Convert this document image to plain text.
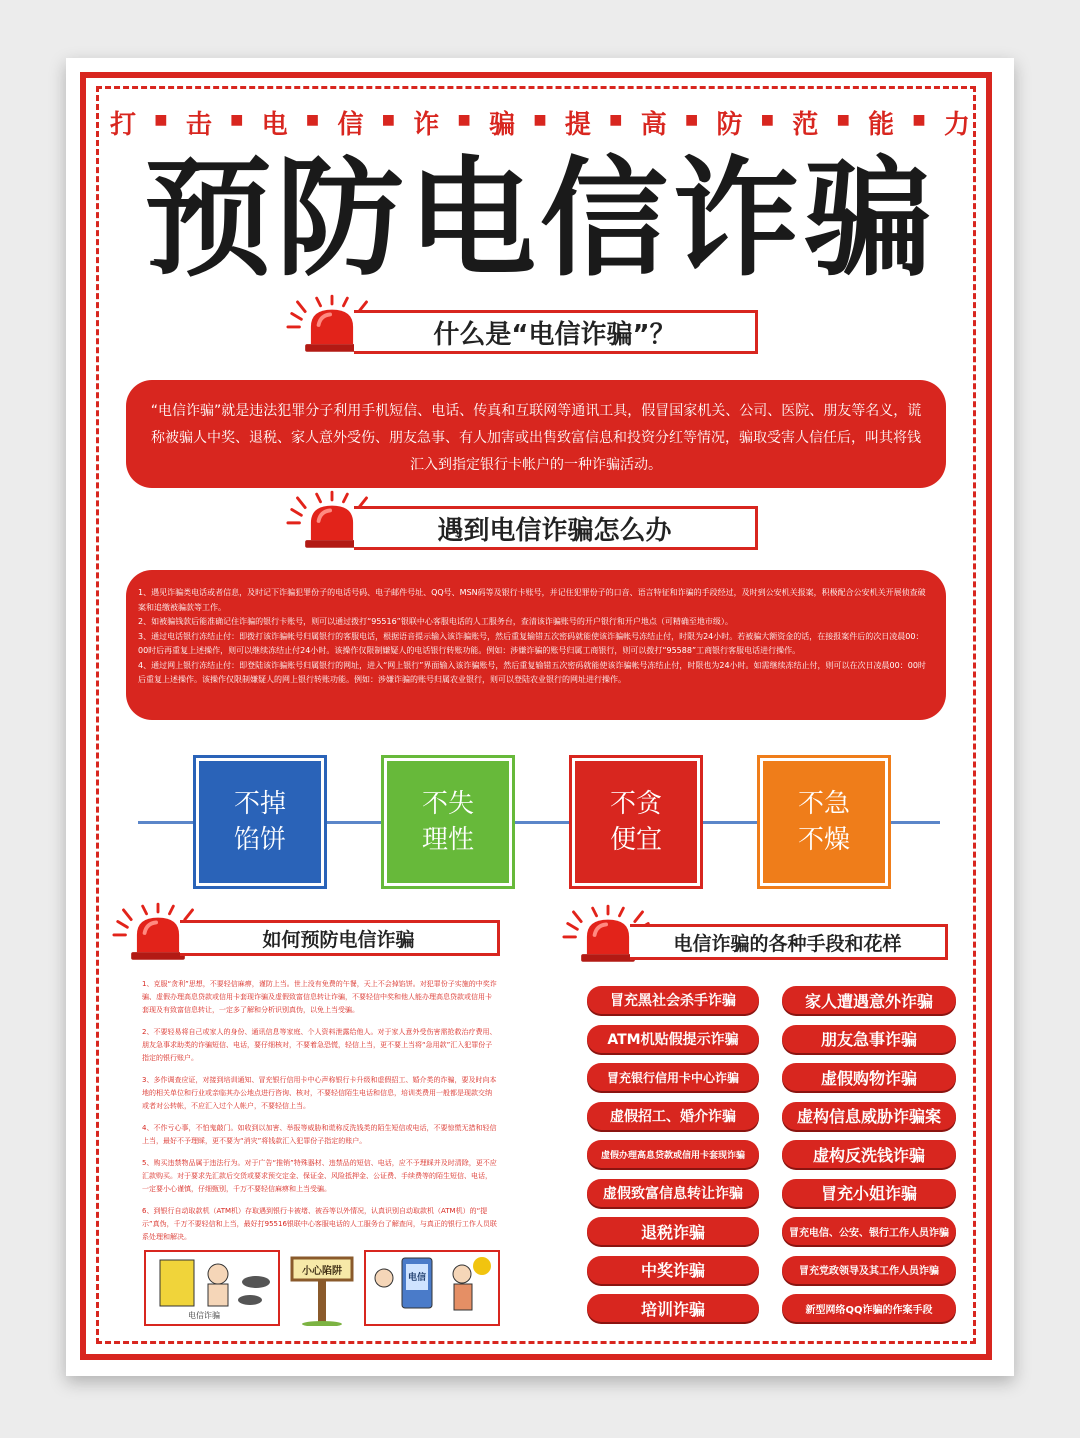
打 ■ 击 ■ 电 ■ 信 ■ 诈 ■ 骗 ■ 提 ■ 高 ■ 防 ■ 范 ■ 能 ■ 力
预防电信诈骗
什么是“电信诈骗”？
“电信诈骗”就是违法犯罪分子利用手机短信、电话、传真和互联网等通讯工具，假冒国家机关、公司、医院、朋友等名义，谎称被骗人中奖、退税、家人意外受伤、朋友急事、有人加害或出售致富信息和投资分红等情况，骗取受害人信任后，叫其将钱汇入到指定银行卡帐户的一种诈骗活动。
遇到电信诈骗怎么办
1、遇见诈骗类电话或者信息，及时记下诈骗犯罪份子的电话号码、电子邮件号址、QQ号、MSN码等及银行卡账号，并记住犯罪份子的口音、语言特征和诈骗的手段经过，及时到公安机关报案，积极配合公安机关开展侦查破案和追缴被骗款等工作。
2、如被骗钱款后能准确记住诈骗的银行卡账号，则可以通过拨打“95516”银联中心客服电话的人工服务台，查清该诈骗账号的开户银行和开户地点（可精确至地市级）。
3、通过电话银行冻结止付：即拨打该诈骗帐号归属银行的客服电话，根据语音提示输入该诈骗账号，然后重复输错五次密码就能使该诈骗帐号冻结止付，时限为24小时。若被骗大额资金的话，在接报案件后的次日凌晨00：00时后再重复上述操作，则可以继续冻结止付24小时。该操作仅限制嫌疑人的电话银行转账功能。例如：涉嫌诈骗的账号归属工商银行，则可以拨打“95588”工商银行客服电话进行操作。
4、通过网上银行冻结止付：即登陆该诈骗账号归属银行的网址，进入“网上银行”界面输入该诈骗账号，然后重复输错五次密码就能使该诈骗帐号冻结止付，时限也为24小时。如需继续冻结止付，则可以在次日凌晨00：00时后重复上述操作。该操作仅限制嫌疑人的网上银行转账功能。例如：涉嫌诈骗的账号归属农业银行，则可以登陆农业银行的网址进行操作。
不掉
馅饼
不失
理性
不贪
便宜
不急
不燥
如何预防电信诈骗

1、克服“贪利”思想，不要轻信麻痹，谨防上当。世上没有免费的午餐，天上不会掉馅饼。对犯罪份子实施的中奖诈骗、虚假办理高息贷款或信用卡套现诈骗及虚假致富信息转让诈骗，不要轻信中奖和他人能办理高息贷款或信用卡套现及有致富信息转让，一定多了解和分析识别真伪，以免上当受骗。

2、不要轻易将自己或家人的身份、通讯信息等家庭、个人资料泄露给他人。对于家人意外受伤害需抢救治疗费用、朋友急事求助类的诈骗短信、电话，要仔细核对，不要着急恐慌，轻信上当，更不要上当将“急用款”汇入犯罪份子指定的银行账户。

3、多作调查应证，对接到培训通知、冒充银行信用卡中心声称银行卡升级和虚假招工、婚介类的诈骗，要及时向本地的相关单位和行业或亲临其办公地点进行咨询、核对，不要轻信陌生电话和信息，培训类费用一般都是现款交纳或者对公转帐，不应汇入过个人帐户，不要轻信上当。

4、不作亏心事，不怕鬼敲门。如收到以加害、举报等威胁和谎称反洗钱类的陌生短信或电话，不要惊慌无措和轻信上当，最好不予理睬，更不要为“消灾”将钱款汇入犯罪份子指定的账户。

5、购买违禁物品属于违法行为。对于广告“推销”特殊器材、违禁品的短信、电话，应不予理睬并及时清除，更不应汇款购买。对于要求先汇款后交货或要求预交定金、保证金、风险抵押金、公证费、手续费等的陌生短信、电话，一定要小心谨慎，仔细甄别，千万不要轻信麻痹和上当受骗。

6、到银行自动取款机（ATM机）存取遇到银行卡被堵、被吞等以外情况，认真识别自动取款机（ATM机）的“提示”真伪，千万不要轻信和上当，最好打95516银联中心客服电话的人工服务台了解查问，与真正的银行工作人员联系处理和解决。

电信诈骗
小心陷阱
电信
电信诈骗的各种手段和花样
冒充黑社会杀手诈骗
ATM机贴假提示诈骗
冒充银行信用卡中心诈骗
虚假招工、婚介诈骗
虚假办理高息贷款或信用卡套现诈骗
虚假致富信息转让诈骗
退税诈骗
中奖诈骗
培训诈骗
家人遭遇意外诈骗
朋友急事诈骗
虚假购物诈骗
虚构信息威胁诈骗案
虚构反洗钱诈骗
冒充小姐诈骗
冒充电信、公安、银行工作人员诈骗
冒充党政领导及其工作人员诈骗
新型网络QQ诈骗的作案手段
